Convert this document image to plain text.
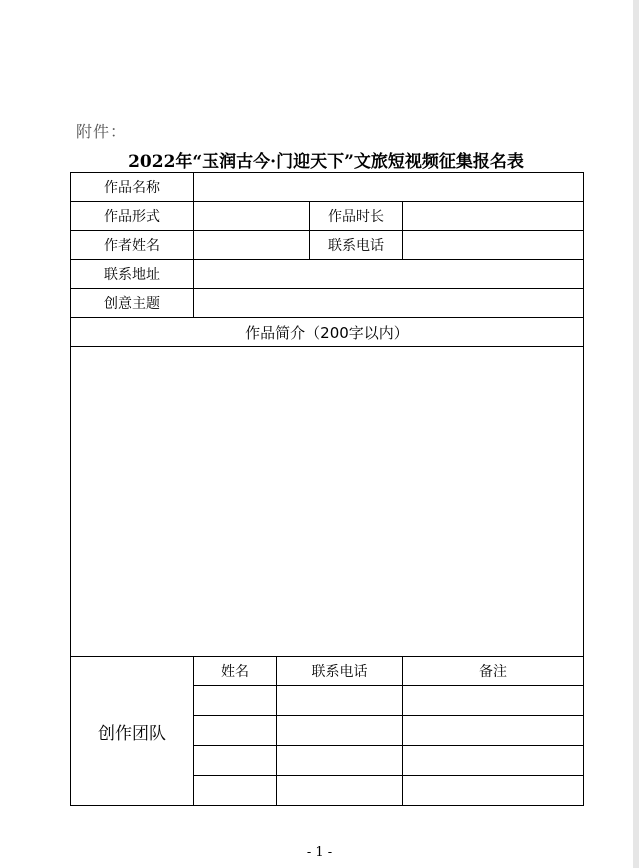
附件：
2022年“玉润古今·门迎天下”文旅短视频征集报名表
作品名称				
作品形式			作品时长	
作者姓名			联系电话	
联系地址				
创意主题				
作品简介（200字以内）				

创作团队	姓名	联系电话		备注

- 1 -
